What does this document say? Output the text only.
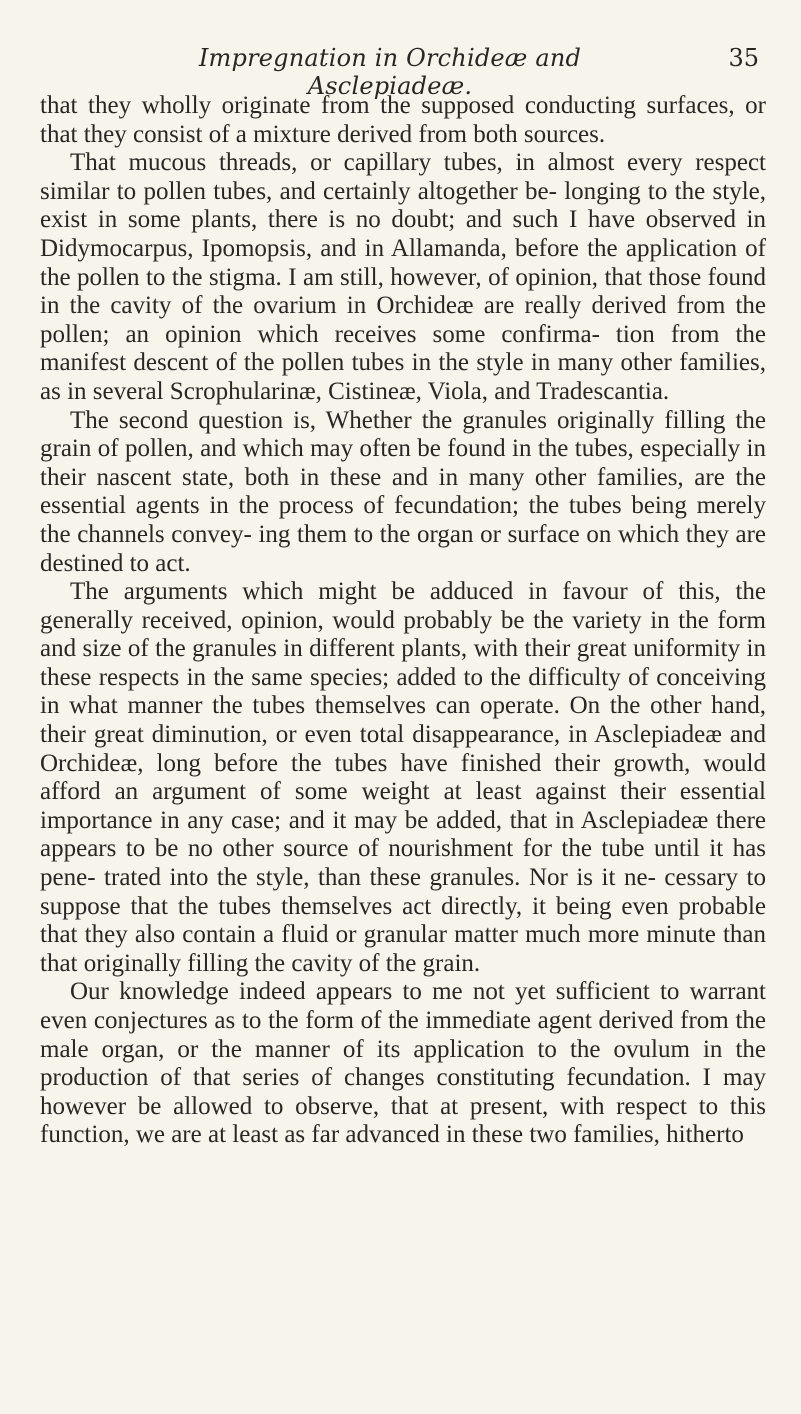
Impregnation in Orchideæ and Asclepiadeæ.
35

that they wholly originate from the supposed conducting surfaces, or that they consist of a mixture derived from both sources.

That mucous threads, or capillary tubes, in almost every respect similar to pollen tubes, and certainly altogether be- longing to the style, exist in some plants, there is no doubt; and such I have observed in Didymocarpus, Ipomopsis, and in Allamanda, before the application of the pollen to the stigma. I am still, however, of opinion, that those found in the cavity of the ovarium in Orchideæ are really derived from the pollen; an opinion which receives some confirma- tion from the manifest descent of the pollen tubes in the style in many other families, as in several Scrophularinæ, Cistineæ, Viola, and Tradescantia.

The second question is, Whether the granules originally filling the grain of pollen, and which may often be found in the tubes, especially in their nascent state, both in these and in many other families, are the essential agents in the process of fecundation; the tubes being merely the channels convey- ing them to the organ or surface on which they are destined to act.

The arguments which might be adduced in favour of this, the generally received, opinion, would probably be the variety in the form and size of the granules in different plants, with their great uniformity in these respects in the same species; added to the difficulty of conceiving in what manner the tubes themselves can operate. On the other hand, their great diminution, or even total disappearance, in Asclepiadeæ and Orchideæ, long before the tubes have finished their growth, would afford an argument of some weight at least against their essential importance in any case; and it may be added, that in Asclepiadeæ there appears to be no other source of nourishment for the tube until it has pene- trated into the style, than these granules. Nor is it ne- cessary to suppose that the tubes themselves act directly, it being even probable that they also contain a fluid or granular matter much more minute than that originally filling the cavity of the grain.

Our knowledge indeed appears to me not yet sufficient to warrant even conjectures as to the form of the immediate agent derived from the male organ, or the manner of its application to the ovulum in the production of that series of changes constituting fecundation. I may however be allowed to observe, that at present, with respect to this function, we are at least as far advanced in these two families, hitherto
